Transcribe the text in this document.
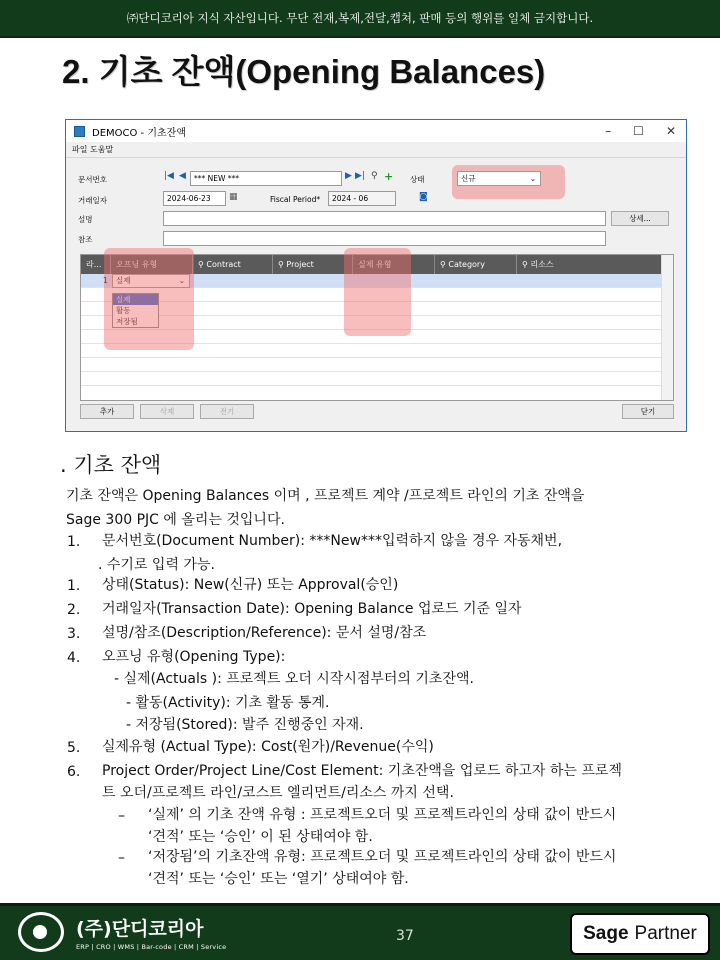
㈜단디코리아 지식 자산입니다. 무단 전재,복제,전달,캡쳐, 판매 등의 행위를 일체 금지합니다.
2. 기초 잔액(Opening Balances)
DEMOCO - 기초잔액	– ☐ ✕
파일 도움말
문서번호	|◀ ◀	*** NEW ***	▶ ▶| ⚲ + 상태	신규	⌄
거래일자	2024-06-23	▦	Fiscal Period*	2024 - 06	◙
설명	상세...
참조
라...	오프닝 유형	⚲ Contract	⚲ Project	실제 유형	⚲ Category	⚲ 리소스
1	실제	⌄
실제
활동
저장됨
추가	삭제	전기	닫기
. 기초 잔액
기초 잔액은 Opening Balances 이며 , 프로젝트 계약 /프로젝트 라인의 기초 잔액을
Sage 300 PJC 에 올리는 것입니다.
1. 문서번호(Document Number): ***New***입력하지 않을 경우 자동채번,
. 수기로 입력 가능.
1. 상태(Status): New(신규) 또는 Approval(승인)
2. 거래일자(Transaction Date): Opening Balance 업로드 기준 일자
3. 설명/참조(Description/Reference): 문서 설명/참조
4. 오프닝 유형(Opening Type):
- 실제(Actuals ): 프로젝트 오더 시작시점부터의 기초잔액.
- 활동(Activity): 기초 활동 통계.
- 저장됨(Stored): 발주 진행중인 자재.
5. 실제유형 (Actual Type): Cost(원가)/Revenue(수익)
6. Project Order/Project Line/Cost Element: 기초잔액을 업로드 하고자 하는 프로젝
트 오더/프로젝트 라인/코스트 엘리먼트/리소스 까지 선택.
– ‘실제’ 의 기초 잔액 유형 : 프로젝트오더 및 프로젝트라인의 상태 값이 반드시
‘견적’ 또는 ‘승인’ 이 된 상태여야 함.
– ‘저장됨’의 기초잔액 유형: 프로젝트오더 및 프로젝트라인의 상태 값이 반드시
‘견적’ 또는 ‘승인’ 또는 ‘열기’ 상태여야 함.
(주)단디코리아
ERP | CRO | WMS | Bar-code | CRM | Service
37	Sage Partner
